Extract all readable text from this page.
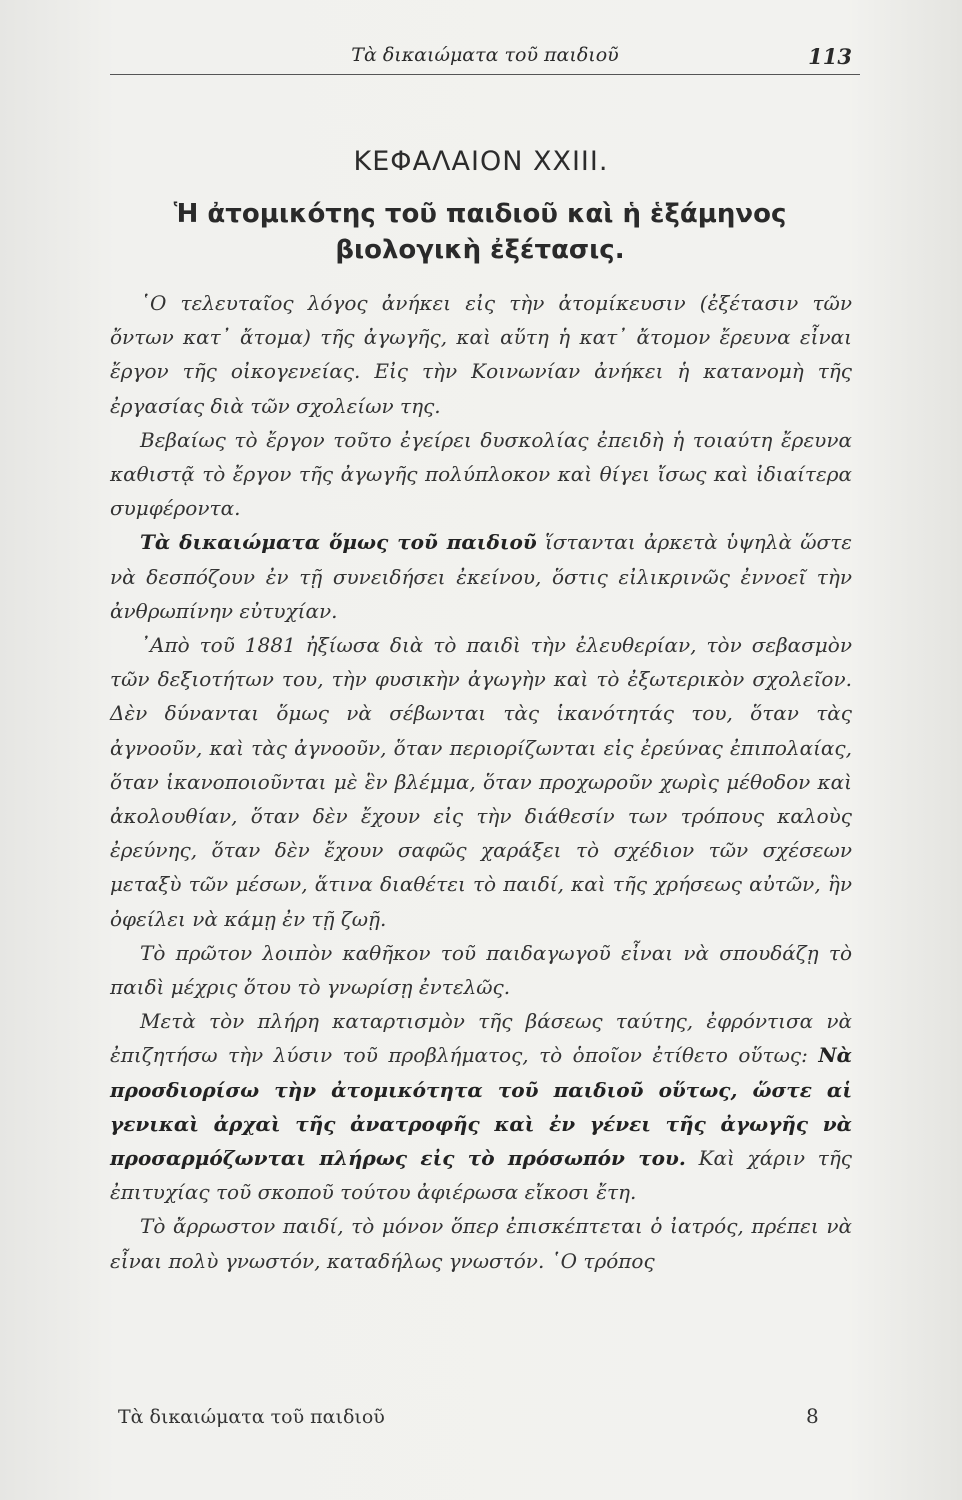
Τὰ δικαιώματα τοῦ παιδιοῦ	113
ΚΕΦΑΛΑΙΟΝ XXIII.
Ἡ ἀτομικότης τοῦ παιδιοῦ καὶ ἡ ἑξάμηνος
βιολογικὴ ἐξέτασις.

῾Ο τελευταῖος λόγος ἀνήκει εἰς τὴν ἀτομίκευσιν (ἐξέτασιν τῶν ὄντων κατ᾿ ἄτομα) τῆς ἀγωγῆς, καὶ αὕτη ἡ κατ᾿ ἄτομον ἔρευνα εἶναι ἔργον τῆς οἰκογενείας. Εἰς τὴν Κοινωνίαν ἀνήκει ἡ κατανομὴ τῆς ἐργασίας διὰ τῶν σχολείων της.

Βεβαίως τὸ ἔργον τοῦτο ἐγείρει δυσκολίας ἐπειδὴ ἡ τοιαύτη ἔρευνα καθιστᾷ τὸ ἔργον τῆς ἀγωγῆς πολύπλοκον καὶ θίγει ἴσως καὶ ἰδιαίτερα συμφέροντα.

Τὰ δικαιώματα ὅμως τοῦ παιδιοῦ ἵστανται ἀρκετὰ ὑψηλὰ ὥστε νὰ δεσπόζουν ἐν τῇ συνειδήσει ἐκείνου, ὅστις εἰλικρινῶς ἐννοεῖ τὴν ἀνθρωπίνην εὐτυχίαν.

᾿Απὸ τοῦ 1881 ἠξίωσα διὰ τὸ παιδὶ τὴν ἐλευθερίαν, τὸν σεβασμὸν τῶν δεξιοτήτων του, τὴν φυσικὴν ἀγωγὴν καὶ τὸ ἐξωτερικὸν σχολεῖον. Δὲν δύνανται ὅμως νὰ σέβωνται τὰς ἱκανότητάς του, ὅταν τὰς ἀγνοοῦν, καὶ τὰς ἀγνοοῦν, ὅταν περιορίζωνται εἰς ἐρεύνας ἐπιπολαίας, ὅταν ἱκανοποιοῦνται μὲ ἓν βλέμμα, ὅταν προχωροῦν χωρὶς μέθοδον καὶ ἀκολουθίαν, ὅταν δὲν ἔχουν εἰς τὴν διάθεσίν των τρόπους καλοὺς ἐρεύνης, ὅταν δὲν ἔχουν σαφῶς χαράξει τὸ σχέδιον τῶν σχέσεων μεταξὺ τῶν μέσων, ἅτινα διαθέτει τὸ παιδί, καὶ τῆς χρήσεως αὐτῶν, ἣν ὀφείλει νὰ κάμῃ ἐν τῇ ζωῇ.

Τὸ πρῶτον λοιπὸν καθῆκον τοῦ παιδαγωγοῦ εἶναι νὰ σπουδάζῃ τὸ παιδὶ μέχρις ὅτου τὸ γνωρίσῃ ἐντελῶς.

Μετὰ τὸν πλήρη καταρτισμὸν τῆς βάσεως ταύτης, ἐφρόντισα νὰ ἐπιζητήσω τὴν λύσιν τοῦ προβλήματος, τὸ ὁποῖον ἐτίθετο οὕτως: Νὰ προσδιορίσω τὴν ἀτομικότητα τοῦ παιδιοῦ οὕτως, ὥστε αἱ γενικαὶ ἀρχαὶ τῆς ἀνατροφῆς καὶ ἐν γένει τῆς ἀγωγῆς νὰ προσαρμόζωνται πλήρως εἰς τὸ πρόσωπόν του. Καὶ χάριν τῆς ἐπιτυχίας τοῦ σκοποῦ τούτου ἀφιέρωσα εἴκοσι ἔτη.

Τὸ ἄρρωστον παιδί, τὸ μόνον ὅπερ ἐπισκέπτεται ὁ ἰατρός, πρέπει νὰ εἶναι πολὺ γνωστόν, καταδήλως γνωστόν. ῾Ο τρόπος

Τὰ δικαιώματα τοῦ παιδιοῦ	8
